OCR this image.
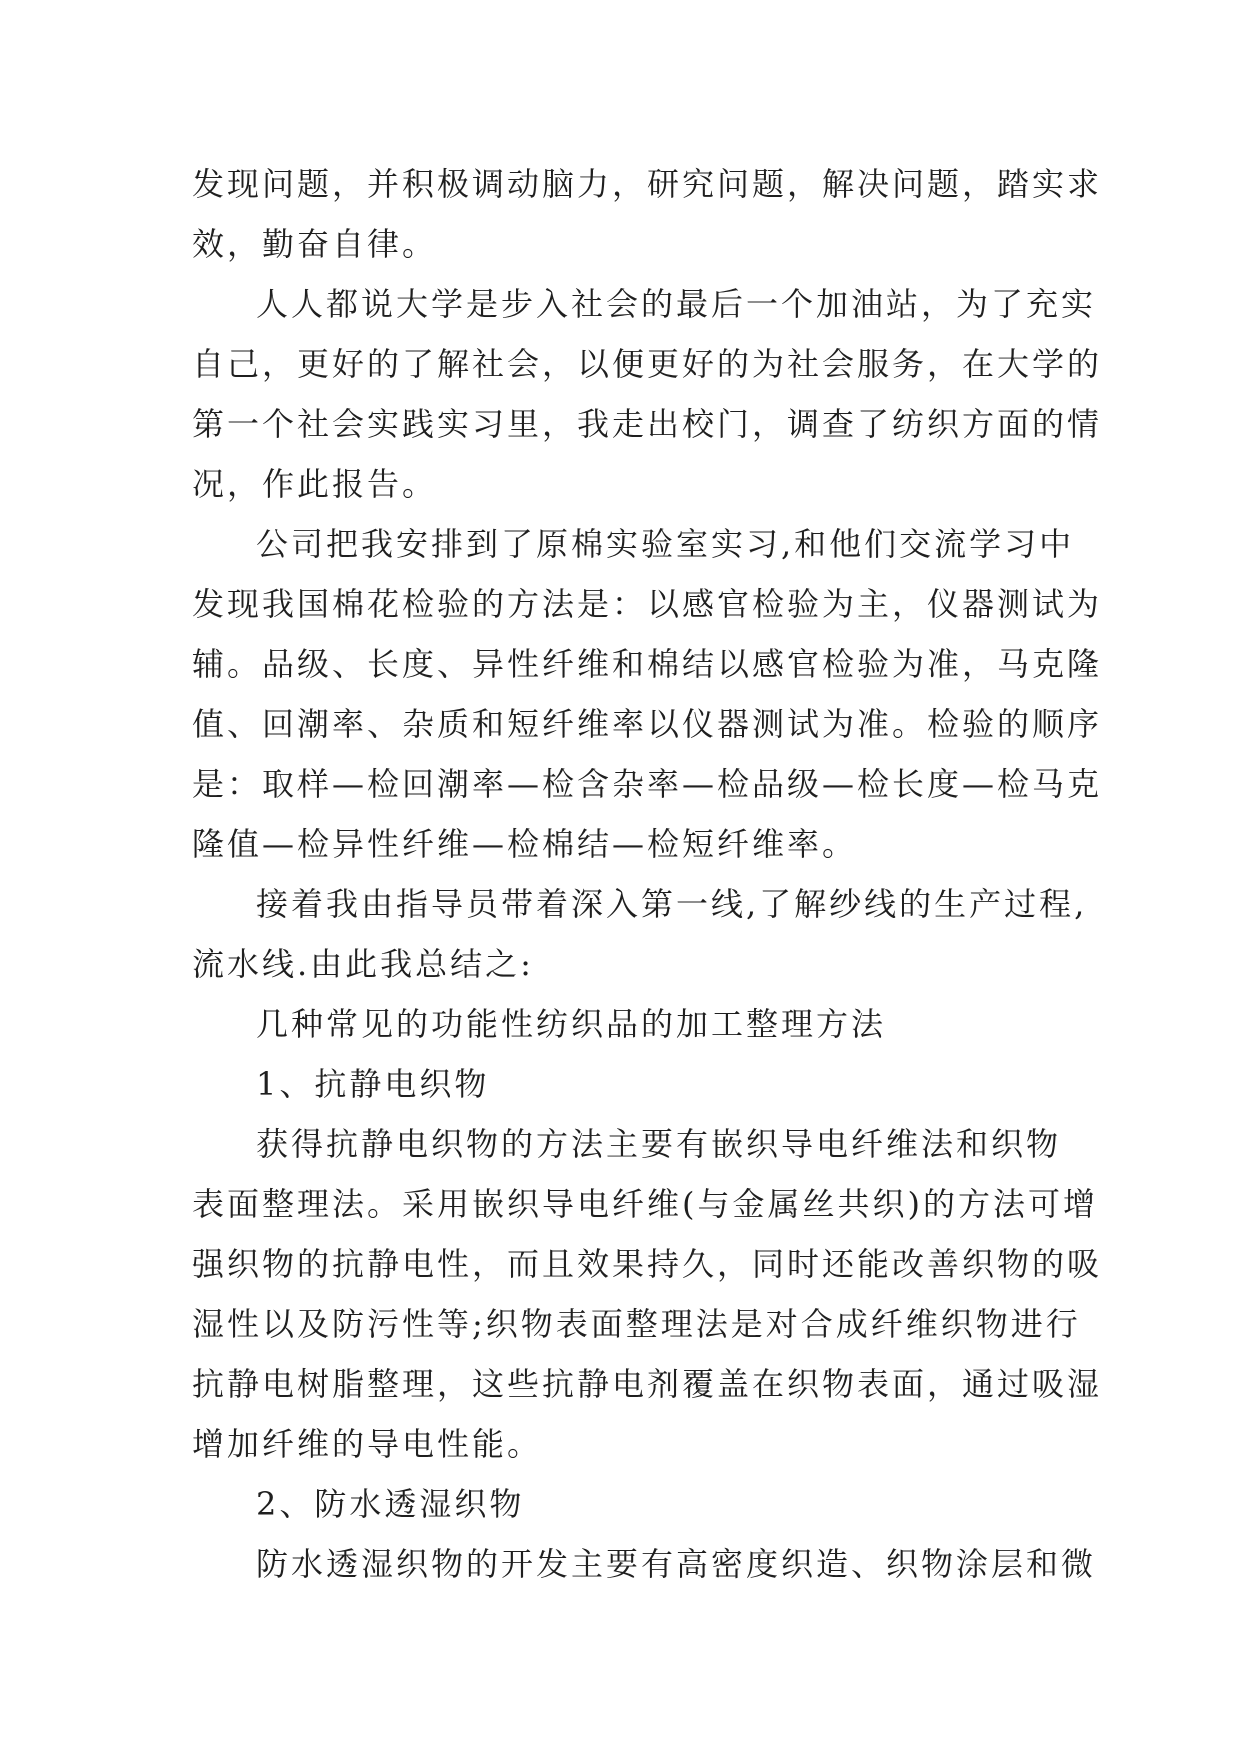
发现问题，并积极调动脑力，研究问题，解决问题，踏实求
效，勤奋自律。
人人都说大学是步入社会的最后一个加油站，为了充实
自己，更好的了解社会，以便更好的为社会服务，在大学的
第一个社会实践实习里，我走出校门，调查了纺织方面的情
况，作此报告。
公司把我安排到了原棉实验室实习,和他们交流学习中
发现我国棉花检验的方法是：以感官检验为主，仪器测试为
辅。品级、长度、异性纤维和棉结以感官检验为准，马克隆
值、回潮率、杂质和短纤维率以仪器测试为准。检验的顺序
是：取样—检回潮率—检含杂率—检品级—检长度—检马克
隆值—检异性纤维—检棉结—检短纤维率。
接着我由指导员带着深入第一线,了解纱线的生产过程,
流水线.由此我总结之:
几种常见的功能性纺织品的加工整理方法
1、抗静电织物
获得抗静电织物的方法主要有嵌织导电纤维法和织物
表面整理法。采用嵌织导电纤维(与金属丝共织)的方法可增
强织物的抗静电性，而且效果持久，同时还能改善织物的吸
湿性以及防污性等;织物表面整理法是对合成纤维织物进行
抗静电树脂整理，这些抗静电剂覆盖在织物表面，通过吸湿
增加纤维的导电性能。
2、防水透湿织物
防水透湿织物的开发主要有高密度织造、织物涂层和微
